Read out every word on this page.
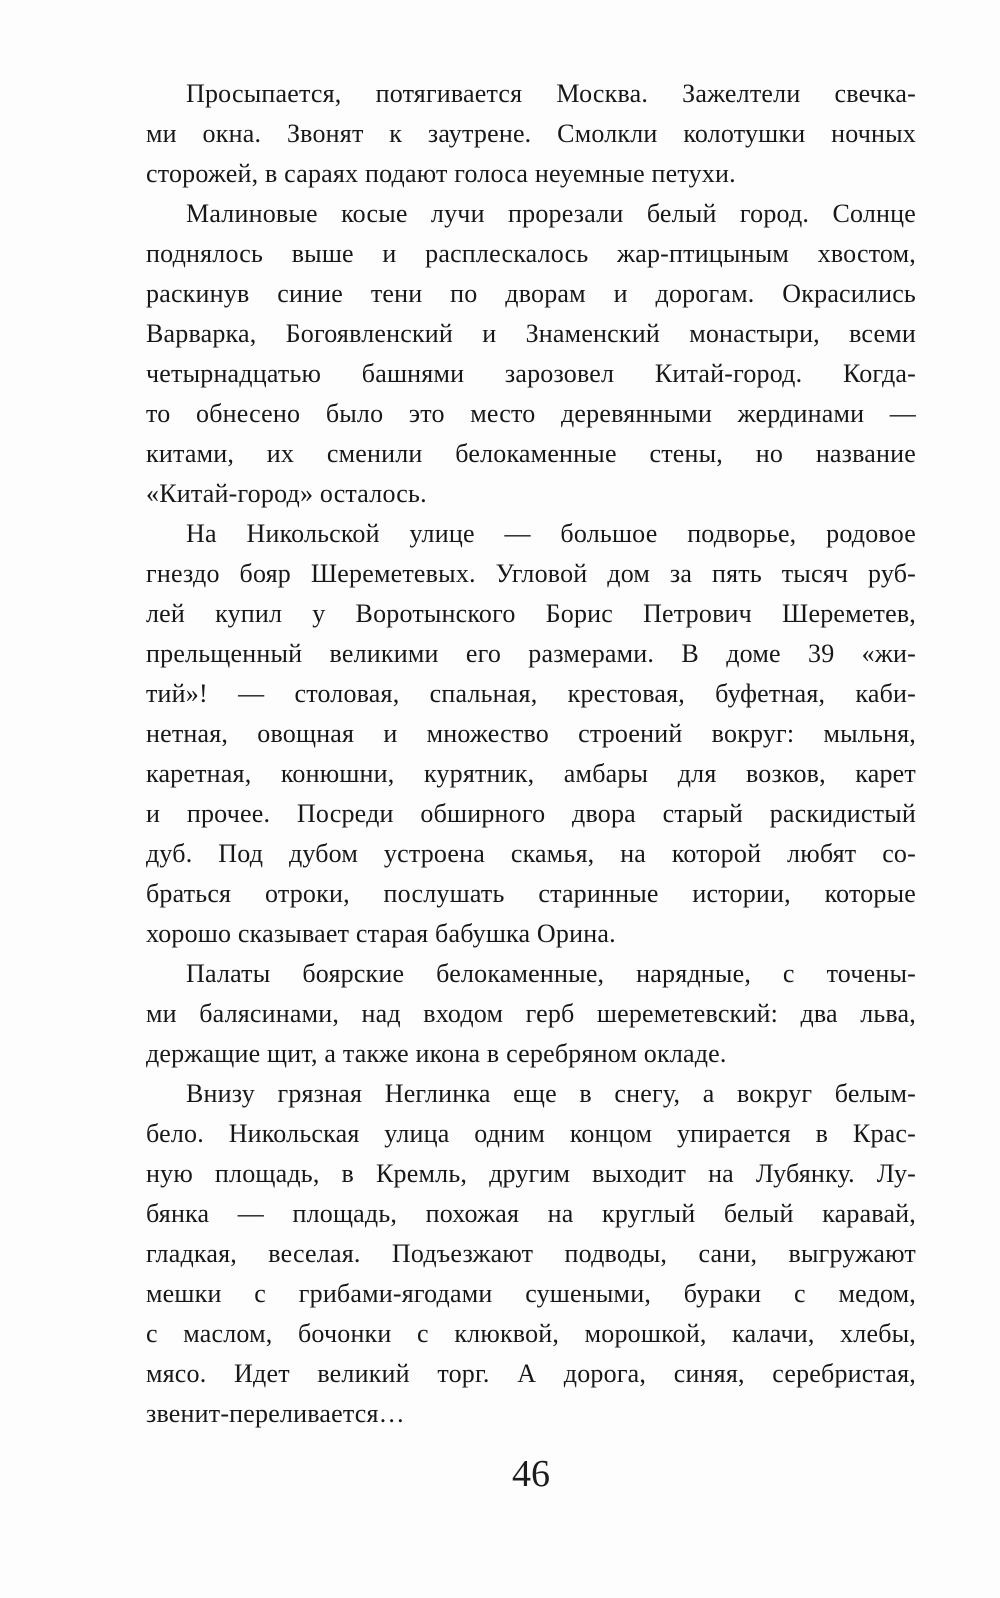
Просыпается, потягивается Москва. Зажелтели свечка-
ми окна. Звонят к заутрене. Смолкли колотушки ночных
сторожей, в сараях подают голоса неуемные петухи.
Малиновые косые лучи прорезали белый город. Солнце
поднялось выше и расплескалось жар-птицыным хвостом,
раскинув синие тени по дворам и дорогам. Окрасились
Варварка, Богоявленский и Знаменский монастыри, всеми
четырнадцатью башнями зарозовел Китай-город. Когда-
то обнесено было это место деревянными жердинами —
китами, их сменили белокаменные стены, но название
«Китай-город» осталось.
На Никольской улице — большое подворье, родовое
гнездо бояр Шереметевых. Угловой дом за пять тысяч руб-
лей купил у Воротынского Борис Петрович Шереметев,
прельщенный великими его размерами. В доме 39 «жи-
тий»! — столовая, спальная, крестовая, буфетная, каби-
нетная, овощная и множество строений вокруг: мыльня,
каретная, конюшни, курятник, амбары для возков, карет
и прочее. Посреди обширного двора старый раскидистый
дуб. Под дубом устроена скамья, на которой любят со-
браться отроки, послушать старинные истории, которые
хорошо сказывает старая бабушка Орина.
Палаты боярские белокаменные, нарядные, с точены-
ми балясинами, над входом герб шереметевский: два льва,
держащие щит, а также икона в серебряном окладе.
Внизу грязная Неглинка еще в снегу, а вокруг белым-
бело. Никольская улица одним концом упирается в Крас-
ную площадь, в Кремль, другим выходит на Лубянку. Лу-
бянка — площадь, похожая на круглый белый каравай,
гладкая, веселая. Подъезжают подводы, сани, выгружают
мешки с грибами-ягодами сушеными, бураки с медом,
с маслом, бочонки с клюквой, морошкой, калачи, хлебы,
мясо. Идет великий торг. А дорога, синяя, серебристая,
звенит-переливается…
46
